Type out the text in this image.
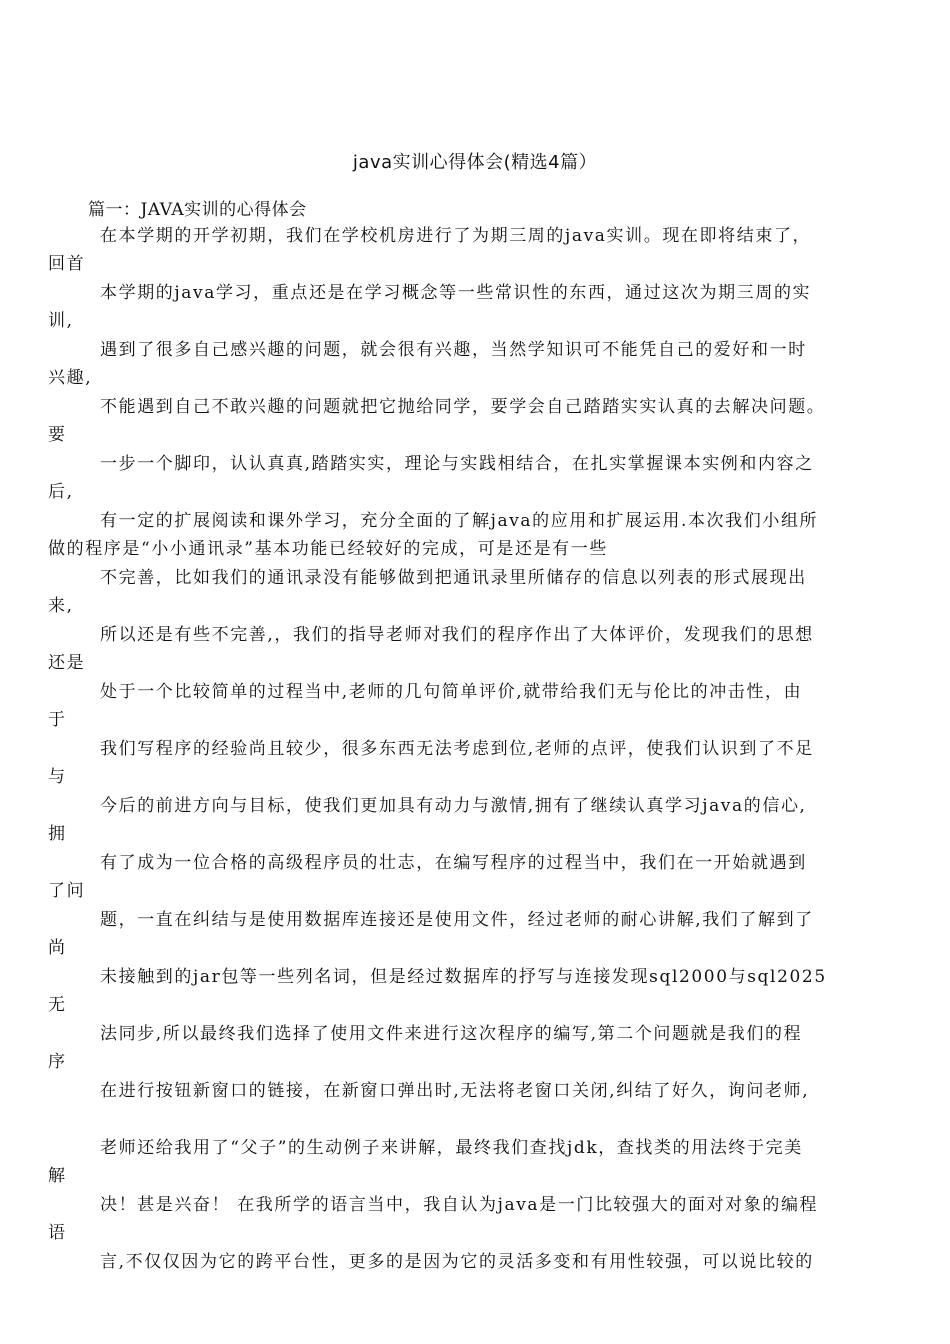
java实训心得体会(精选4篇）
篇一：JAVA实训的心得体会
在本学期的开学初期，我们在学校机房进行了为期三周的java实训。现在即将结束了，
回首
本学期的java学习，重点还是在学习概念等一些常识性的东西，通过这次为期三周的实
训,
遇到了很多自己感兴趣的问题，就会很有兴趣，当然学知识可不能凭自己的爱好和一时
兴趣,
不能遇到自己不敢兴趣的问题就把它抛给同学，要学会自己踏踏实实认真的去解决问题。
要
一步一个脚印，认认真真,踏踏实实，理论与实践相结合，在扎实掌握课本实例和内容之
后,
有一定的扩展阅读和课外学习，充分全面的了解java的应用和扩展运用.本次我们小组所
做的程序是“小小通讯录”基本功能已经较好的完成，可是还是有一些
不完善，比如我们的通讯录没有能够做到把通讯录里所储存的信息以列表的形式展现出
来,
所以还是有些不完善,，我们的指导老师对我们的程序作出了大体评价，发现我们的思想
还是
处于一个比较简单的过程当中,老师的几句简单评价,就带给我们无与伦比的冲击性，由
于
我们写程序的经验尚且较少，很多东西无法考虑到位,老师的点评，使我们认识到了不足
与
今后的前进方向与目标，使我们更加具有动力与激情,拥有了继续认真学习java的信心,
拥
有了成为一位合格的高级程序员的壮志，在编写程序的过程当中，我们在一开始就遇到
了问
题，一直在纠结与是使用数据库连接还是使用文件，经过老师的耐心讲解,我们了解到了
尚
未接触到的jar包等一些列名词，但是经过数据库的抒写与连接发现sql2000与sql2025
无
法同步,所以最终我们选择了使用文件来进行这次程序的编写,第二个问题就是我们的程
序
在进行按钮新窗口的链接，在新窗口弹出时,无法将老窗口关闭,纠结了好久，询问老师,
老师还给我用了“父子”的生动例子来讲解，最终我们查找jdk，查找类的用法终于完美
解
决！甚是兴奋！ 在我所学的语言当中，我自认为java是一门比较强大的面对对象的编程
语
言,不仅仅因为它的跨平台性，更多的是因为它的灵活多变和有用性较强，可以说比较的
